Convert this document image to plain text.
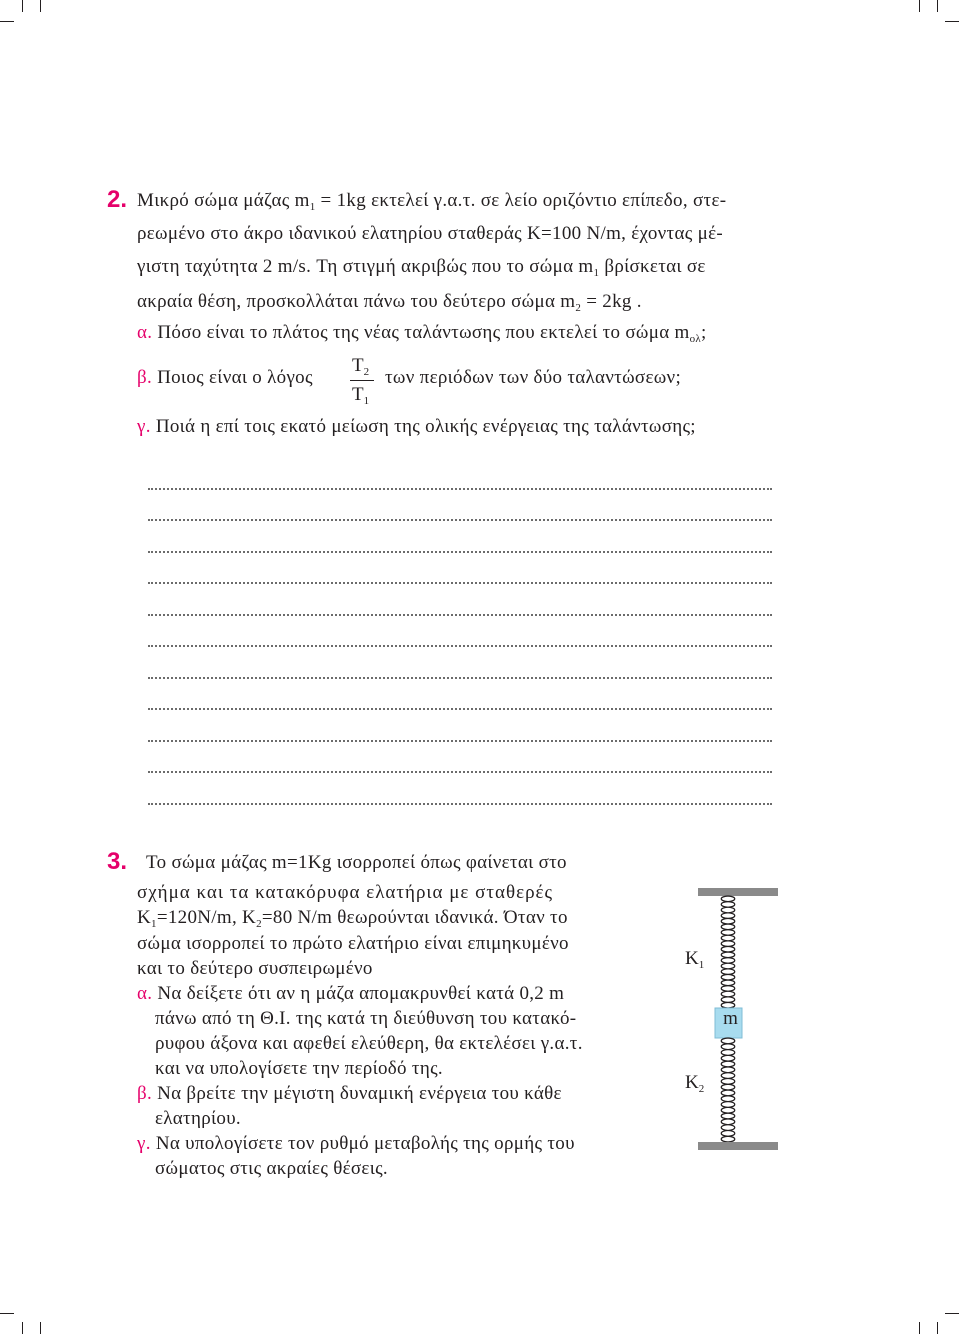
2. Μικρό σώμα μάζας $m_1 = 1kg$ εκτελεί γ.α.τ. σε λείο οριζόντιο επίπεδο, στε-
ρεωμένο στο άκρο ιδανικού ελατηρίου σταθεράς Κ=100 Ν/m, έχοντας μέ-
γιστη ταχύτητα 2 m/s. Τη στιγμή ακριβώς που το σώμα $m_1$ βρίσκεται σε
ακραία θέση, προσκολλάται πάνω του δεύτερο σώμα $m_2 = 2kg$ .
α. Πόσο είναι το πλάτος της νέας ταλάντωσης που εκτελεί το σώμα $m_{o\lambda}$;
β. Ποιος είναι ο λόγος
$T_2$
$T_1$
των περιόδων των δύο ταλαντώσεων;
γ. Ποιά η επί τοις εκατό μείωση της ολικής ενέργειας της ταλάντωσης;
3. Το σώμα μάζας m=1Kg ισορροπεί όπως φαίνεται στο
σχήμα και τα κατακόρυφα ελατήρια με σταθερές
$K_1=120N/m$, $K_2=80$ N/m θεωρούνται ιδανικά. Όταν το
σώμα ισορροπεί το πρώτο ελατήριο είναι επιμηκυμένο
και το δεύτερο συσπειρωμένο
α. Να δείξετε ότι αν η μάζα απομακρυνθεί κατά 0,2 m
πάνω από τη Θ.Ι. της κατά τη διεύθυνση του κατακό-
ρυφου άξονα και αφεθεί ελεύθερη, θα εκτελέσει γ.α.τ.
και να υπολογίσετε την περίοδό της.
β. Να βρείτε την μέγιστη δυναμική ενέργεια του κάθε
ελατηρίου.
γ. Να υπολογίσετε τον ρυθμό μεταβολής της ορμής του
σώματος στις ακραίες θέσεις.
$K_1$
m
$K_2$
